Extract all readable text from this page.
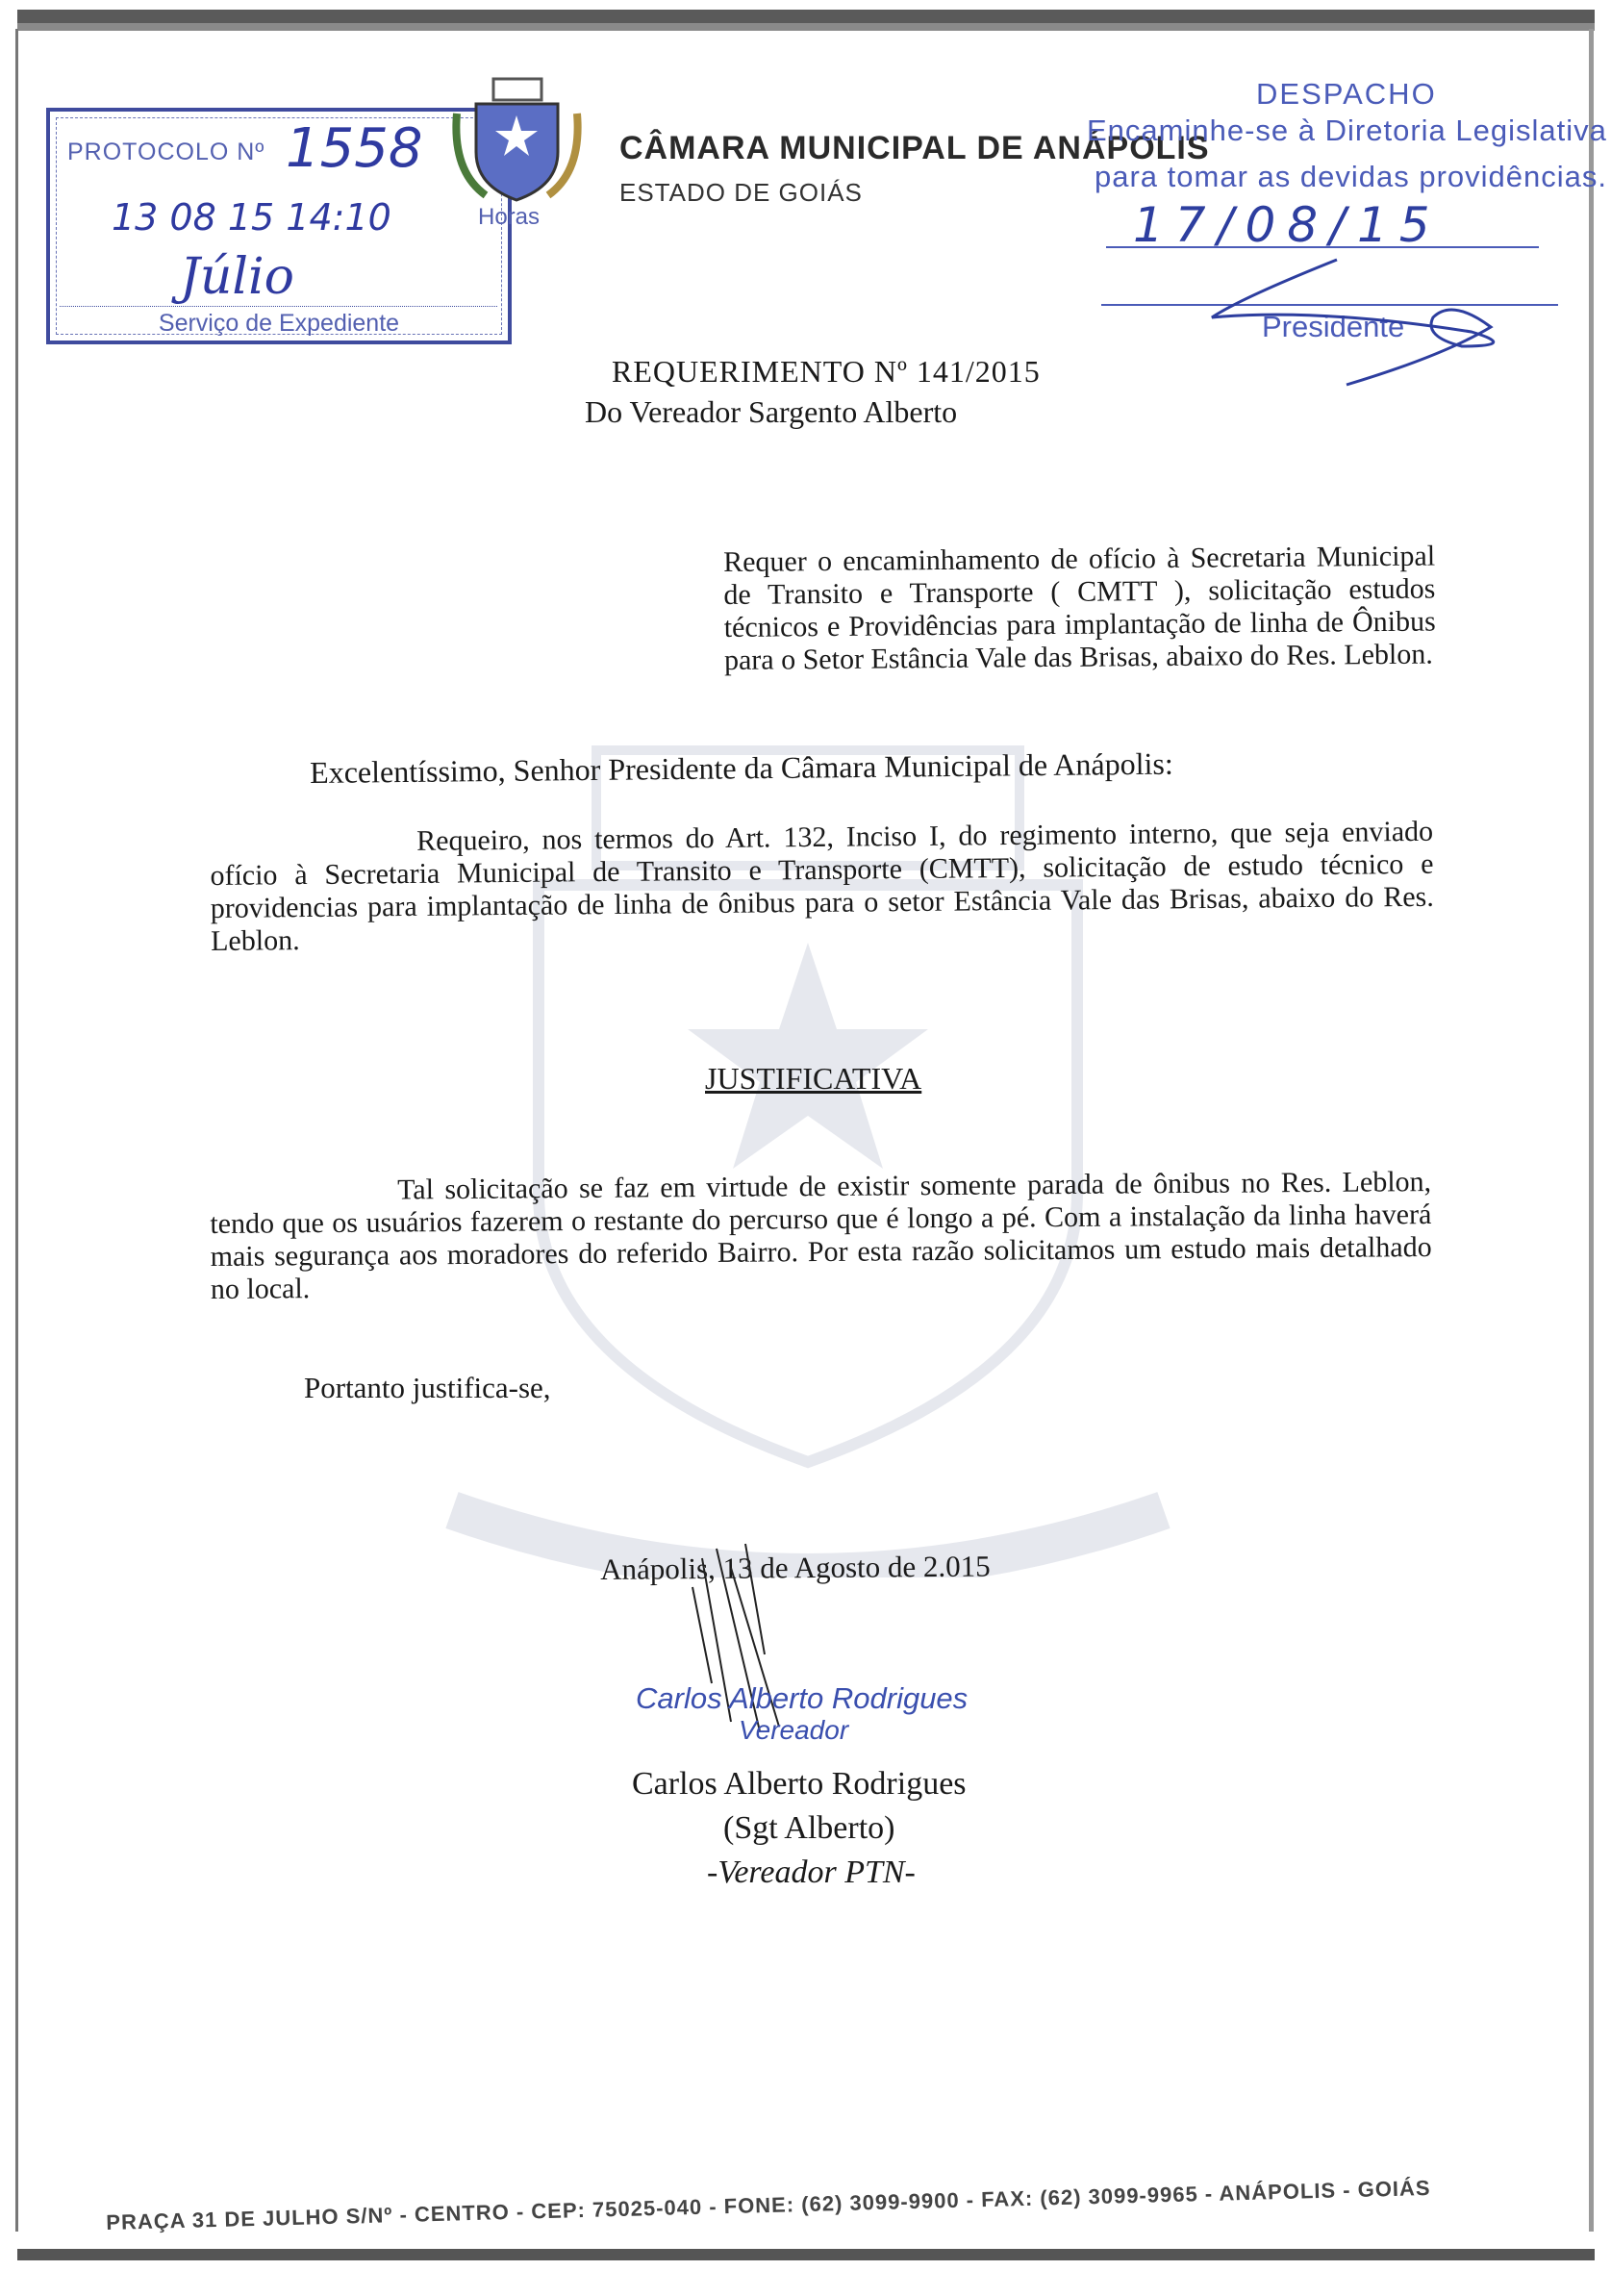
PROTOCOLO Nº 1558
13 08 15 14:10	Horas
Júlio
Serviço de Expediente
CÂMARA MUNICIPAL DE ANÁPOLIS
ESTADO DE GOIÁS
DESPACHO
Encaminhe-se à Diretoria Legislativa
para tomar as devidas providências.
17/08/15
Presidente
REQUERIMENTO Nº 141/2015
Do Vereador Sargento Alberto
Requer o encaminhamento de ofício à Secretaria Municipal de Transito e Transporte ( CMTT ), solicitação estudos técnicos e Providências para implantação de linha de Ônibus para o Setor Estância Vale das Brisas, abaixo do Res. Leblon.
Excelentíssimo, Senhor Presidente da Câmara Municipal de Anápolis:
Requeiro, nos termos do Art. 132, Inciso I, do regimento interno, que seja enviado ofício à Secretaria Municipal de Transito e Transporte (CMTT), solicitação de estudo técnico e providencias para implantação de linha de ônibus para o setor Estância Vale das Brisas, abaixo do Res. Leblon.
JUSTIFICATIVA
Tal solicitação se faz em virtude de existir somente parada de ônibus no Res. Leblon, tendo que os usuários fazerem o restante do percurso que é longo a pé. Com a instalação da linha haverá mais segurança aos moradores do referido Bairro. Por esta razão solicitamos um estudo mais detalhado no local.
Portanto justifica-se,
Anápolis, 13 de Agosto de 2.015
Carlos Alberto Rodrigues
Vereador
Carlos Alberto Rodrigues
(Sgt Alberto)
-Vereador PTN-
PRAÇA 31 DE JULHO S/Nº - CENTRO - CEP: 75025-040 - FONE: (62) 3099-9900 - FAX: (62) 3099-9965 - ANÁPOLIS - GOIÁS
